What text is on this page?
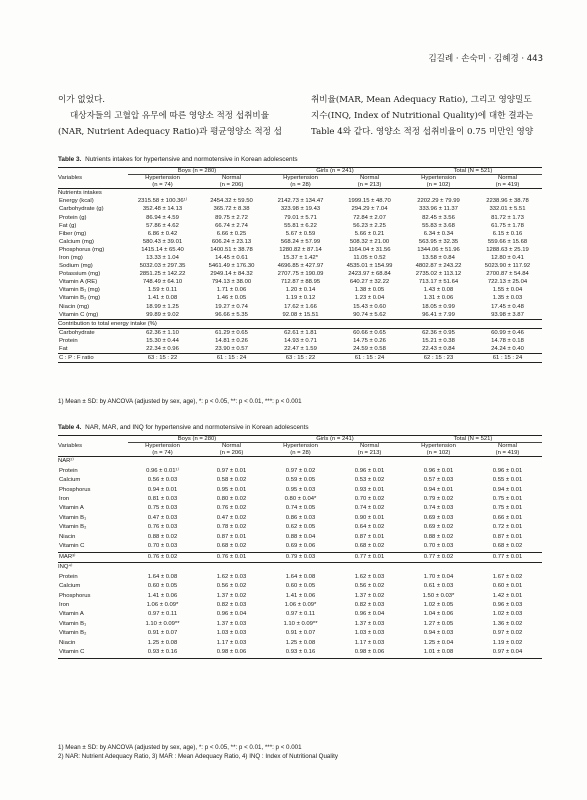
김길례 · 손숙미 · 김혜경 · 443
이가 없었다.
대상자들의 고혈압 유무에 따른 영양소 적정 섭취비율
(NAR, Nutrient Adequacy Ratio)과 평균영양소 적정 섭
취비율(MAR, Mean Adequacy Ratio), 그리고 영양밀도
지수(INQ, Index of Nutritional Quality)에 대한 결과는
Table 4와 같다. 영양소 적정 섭취비율이 0.75 미만인 영양
Table 3. Nutrients intakes for hypertensive and normotensive in Korean adolescents
Variables	Boys (n = 280)		Girls (n = 241)		Total (N = 521)	
	Hypertension	Normal	Hypertension	Normal	Hypertension	Normal
	(n = 74)	(n = 206)	(n = 28)	(n = 213)	(n = 102)	(n = 419)
Nutrients intakes						
Energy (kcal)	2315.58 ± 100.36¹⁾	2454.32 ± 59.50	2142.73 ± 134.47	1999.15 ± 48.70	2202.29 ± 79.99	2238.96 ± 38.78
Carbohydrate (g)	352.48 ± 14.13	365.72 ± 8.38	323.98 ± 19.43	294.29 ± 7.04	333.96 ± 11.37	332.01 ± 5.51
Protein (g)	86.94 ± 4.59	89.75 ± 2.72	79.01 ± 5.71	72.84 ± 2.07	82.45 ± 3.56	81.72 ± 1.73
Fat (g)	57.86 ± 4.62	66.74 ± 2.74	55.81 ± 6.22	56.23 ± 2.25	55.83 ± 3.68	61.75 ± 1.78
Fiber (mg)	6.86 ± 0.42	6.66 ± 0.25	5.67 ± 0.59	5.66 ± 0.21	6.34 ± 0.34	6.15 ± 0.16
Calcium (mg)	580.43 ± 39.01	606.24 ± 23.13	568.24 ± 57.99	508.32 ± 21.00	563.95 ± 32.35	559.66 ± 15.68
Phosphorus (mg)	1415.14 ± 65.40	1400.51 ± 38.78	1280.82 ± 87.14	1164.04 ± 31.56	1344.06 ± 51.96	1288.63 ± 25.19
Iron (mg)	13.33 ± 1.04	14.45 ± 0.61	15.37 ± 1.42*	11.05 ± 0.52	13.58 ± 0.84	12.80 ± 0.41
Sodium (mg)	5032.03 ± 297.35	5461.49 ± 176.30	4696.85 ± 427.97	4535.01 ± 154.99	4802.87 ± 243.22	5023.90 ± 117.92
Potassium (mg)	2851.25 ± 142.22	2949.14 ± 84.32	2707.75 ± 190.09	2423.97 ± 68.84	2735.02 ± 113.12	2700.87 ± 54.84
Vitamin A (RE)	748.49 ± 64.10	794.13 ± 38.00	712.87 ± 88.95	640.27 ± 32.22	713.17 ± 51.64	722.13 ± 25.04
Vitamin B₁ (mg)	1.59 ± 0.11	1.71 ± 0.06	1.20 ± 0.14	1.38 ± 0.05	1.43 ± 0.08	1.55 ± 0.04
Vitamin B₂ (mg)	1.41 ± 0.08	1.46 ± 0.05	1.19 ± 0.12	1.23 ± 0.04	1.31 ± 0.06	1.35 ± 0.03
Niacin (mg)	18.99 ± 1.25	19.27 ± 0.74	17.62 ± 1.66	15.43 ± 0.60	18.05 ± 0.99	17.45 ± 0.48
Vitamin C (mg)	99.89 ± 9.02	96.66 ± 5.35	92.08 ± 15.51	90.74 ± 5.62	96.41 ± 7.99	93.98 ± 3.87
Contribution to total energy intake (%)						
Carbohydrate	62.36 ± 1.10	61.29 ± 0.65	62.61 ± 1.81	60.66 ± 0.65	62.36 ± 0.95	60.99 ± 0.46
Protein	15.30 ± 0.44	14.81 ± 0.26	14.93 ± 0.71	14.75 ± 0.26	15.21 ± 0.38	14.78 ± 0.18
Fat	22.34 ± 0.96	23.90 ± 0.57	22.47 ± 1.59	24.59 ± 0.58	22.43 ± 0.84	24.24 ± 0.40
C : P : F ratio	63 : 15 : 22	61 : 15 : 24	63 : 15 : 22	61 : 15 : 24	62 : 15 : 23	61 : 15 : 24
1) Mean ± SD: by ANCOVA (adjusted by sex, age), *: p < 0.05, **: p < 0.01, ***: p < 0.001
Table 4. NAR, MAR, and INQ for hypertensive and normotensive in Korean adolescents
Variables	Boys (n = 280)		Girls (n = 241)		Total (N = 521)	
	Hypertension	Normal	Hypertension	Normal	Hypertension	Normal
	(n = 74)	(n = 206)	(n = 28)	(n = 213)	(n = 102)	(n = 419)
NAR²⁾						
Protein	0.96 ± 0.01¹⁾	0.97 ± 0.01	0.97 ± 0.02	0.96 ± 0.01	0.96 ± 0.01	0.96 ± 0.01
Calcium	0.56 ± 0.03	0.58 ± 0.02	0.59 ± 0.05	0.53 ± 0.02	0.57 ± 0.03	0.55 ± 0.01
Phosphorus	0.94 ± 0.01	0.95 ± 0.01	0.95 ± 0.03	0.93 ± 0.01	0.94 ± 0.01	0.94 ± 0.01
Iron	0.81 ± 0.03	0.80 ± 0.02	0.80 ± 0.04*	0.70 ± 0.02	0.79 ± 0.02	0.75 ± 0.01
Vitamin A	0.75 ± 0.03	0.76 ± 0.02	0.74 ± 0.05	0.74 ± 0.02	0.74 ± 0.03	0.75 ± 0.01
Vitamin B₁	0.47 ± 0.03	0.47 ± 0.02	0.86 ± 0.03	0.90 ± 0.01	0.69 ± 0.03	0.66 ± 0.01
Vitamin B₂	0.76 ± 0.03	0.78 ± 0.02	0.62 ± 0.05	0.64 ± 0.02	0.69 ± 0.02	0.72 ± 0.01
Niacin	0.88 ± 0.02	0.87 ± 0.01	0.88 ± 0.04	0.87 ± 0.01	0.88 ± 0.02	0.87 ± 0.01
Vitamin C	0.70 ± 0.03	0.68 ± 0.02	0.69 ± 0.06	0.68 ± 0.02	0.70 ± 0.03	0.68 ± 0.02
MAR³⁾	0.76 ± 0.02	0.76 ± 0.01	0.79 ± 0.03	0.77 ± 0.01	0.77 ± 0.02	0.77 ± 0.01
INQ⁴⁾						
Protein	1.64 ± 0.08	1.62 ± 0.03	1.64 ± 0.08	1.62 ± 0.03	1.70 ± 0.04	1.67 ± 0.02
Calcium	0.60 ± 0.05	0.56 ± 0.02	0.60 ± 0.05	0.56 ± 0.02	0.61 ± 0.03	0.60 ± 0.01
Phosphorus	1.41 ± 0.06	1.37 ± 0.02	1.41 ± 0.06	1.37 ± 0.02	1.50 ± 0.03*	1.42 ± 0.01
Iron	1.06 ± 0.09*	0.82 ± 0.03	1.06 ± 0.09*	0.82 ± 0.03	1.02 ± 0.05	0.96 ± 0.03
Vitamin A	0.97 ± 0.11	0.96 ± 0.04	0.97 ± 0.11	0.96 ± 0.04	1.04 ± 0.06	1.02 ± 0.03
Vitamin B₁	1.10 ± 0.09**	1.37 ± 0.03	1.10 ± 0.09**	1.37 ± 0.03	1.27 ± 0.05	1.36 ± 0.02
Vitamin B₂	0.91 ± 0.07	1.03 ± 0.03	0.91 ± 0.07	1.03 ± 0.03	0.94 ± 0.03	0.97 ± 0.02
Niacin	1.25 ± 0.08	1.17 ± 0.03	1.25 ± 0.08	1.17 ± 0.03	1.25 ± 0.04	1.19 ± 0.02
Vitamin C	0.93 ± 0.16	0.98 ± 0.06	0.93 ± 0.16	0.98 ± 0.06	1.01 ± 0.08	0.97 ± 0.04
1) Mean ± SD: by ANCOVA (adjusted by sex, age), *: p < 0.05, **: p < 0.01, ***: p < 0.001
2) NAR: Nutrient Adequacy Ratio, 3) MAR : Mean Adequacy Ratio, 4) INQ : Index of Nutritional Quality
